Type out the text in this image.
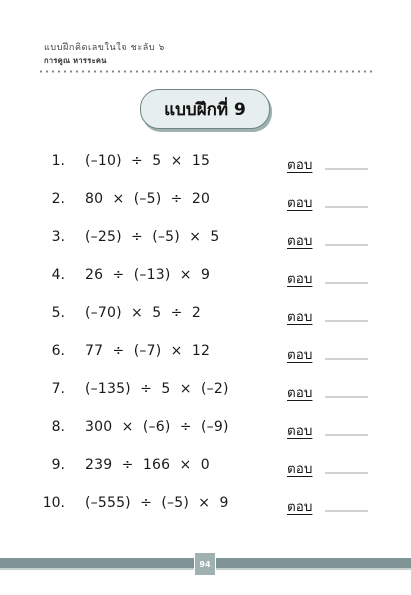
แบบฝึกคิดเลขในใจ ชะลับ ๖
การคูณ หารระคน
แบบฝึกที่ 9
1. (–10)  ÷  5  ×  15	ตอบ
2. 80  ×  (–5)  ÷  20	ตอบ
3. (–25)  ÷  (–5)  ×  5	ตอบ
4. 26  ÷  (–13)  ×  9	ตอบ
5. (–70)  ×  5  ÷  2	ตอบ
6. 77  ÷  (–7)  ×  12	ตอบ
7. (–135)  ÷  5  ×  (–2)	ตอบ
8. 300  ×  (–6)  ÷  (–9)	ตอบ
9. 239  ÷  166  ×  0	ตอบ
10. (–555)  ÷  (–5)  ×  9	ตอบ
94
